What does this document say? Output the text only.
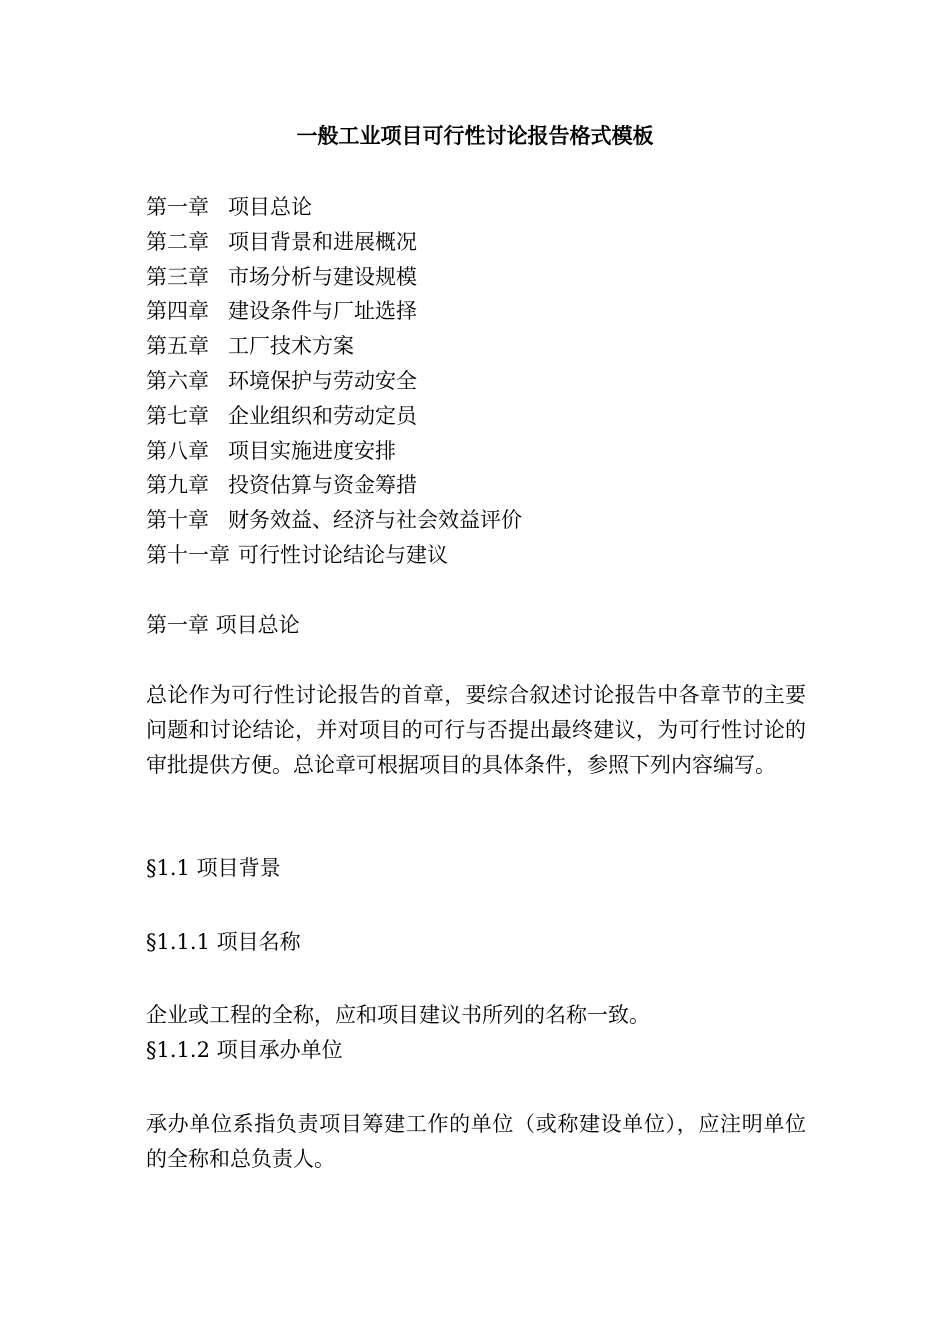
一般工业项目可行性讨论报告格式模板
第一章 项目总论
第二章 项目背景和进展概况
第三章 市场分析与建设规模
第四章 建设条件与厂址选择
第五章 工厂技术方案
第六章 环境保护与劳动安全
第七章 企业组织和劳动定员
第八章 项目实施进度安排
第九章 投资估算与资金筹措
第十章 财务效益、经济与社会效益评价
第十一章 可行性讨论结论与建议
第一章 项目总论
总论作为可行性讨论报告的首章，要综合叙述讨论报告中各章节的主要问题和讨论结论，并对项目的可行与否提出最终建议，为可行性讨论的审批提供方便。总论章可根据项目的具体条件，参照下列内容编写。
§1.1 项目背景
§1.1.1 项目名称
企业或工程的全称，应和项目建议书所列的名称一致。
§1.1.2 项目承办单位
承办单位系指负责项目筹建工作的单位（或称建设单位），应注明单位的全称和总负责人。
